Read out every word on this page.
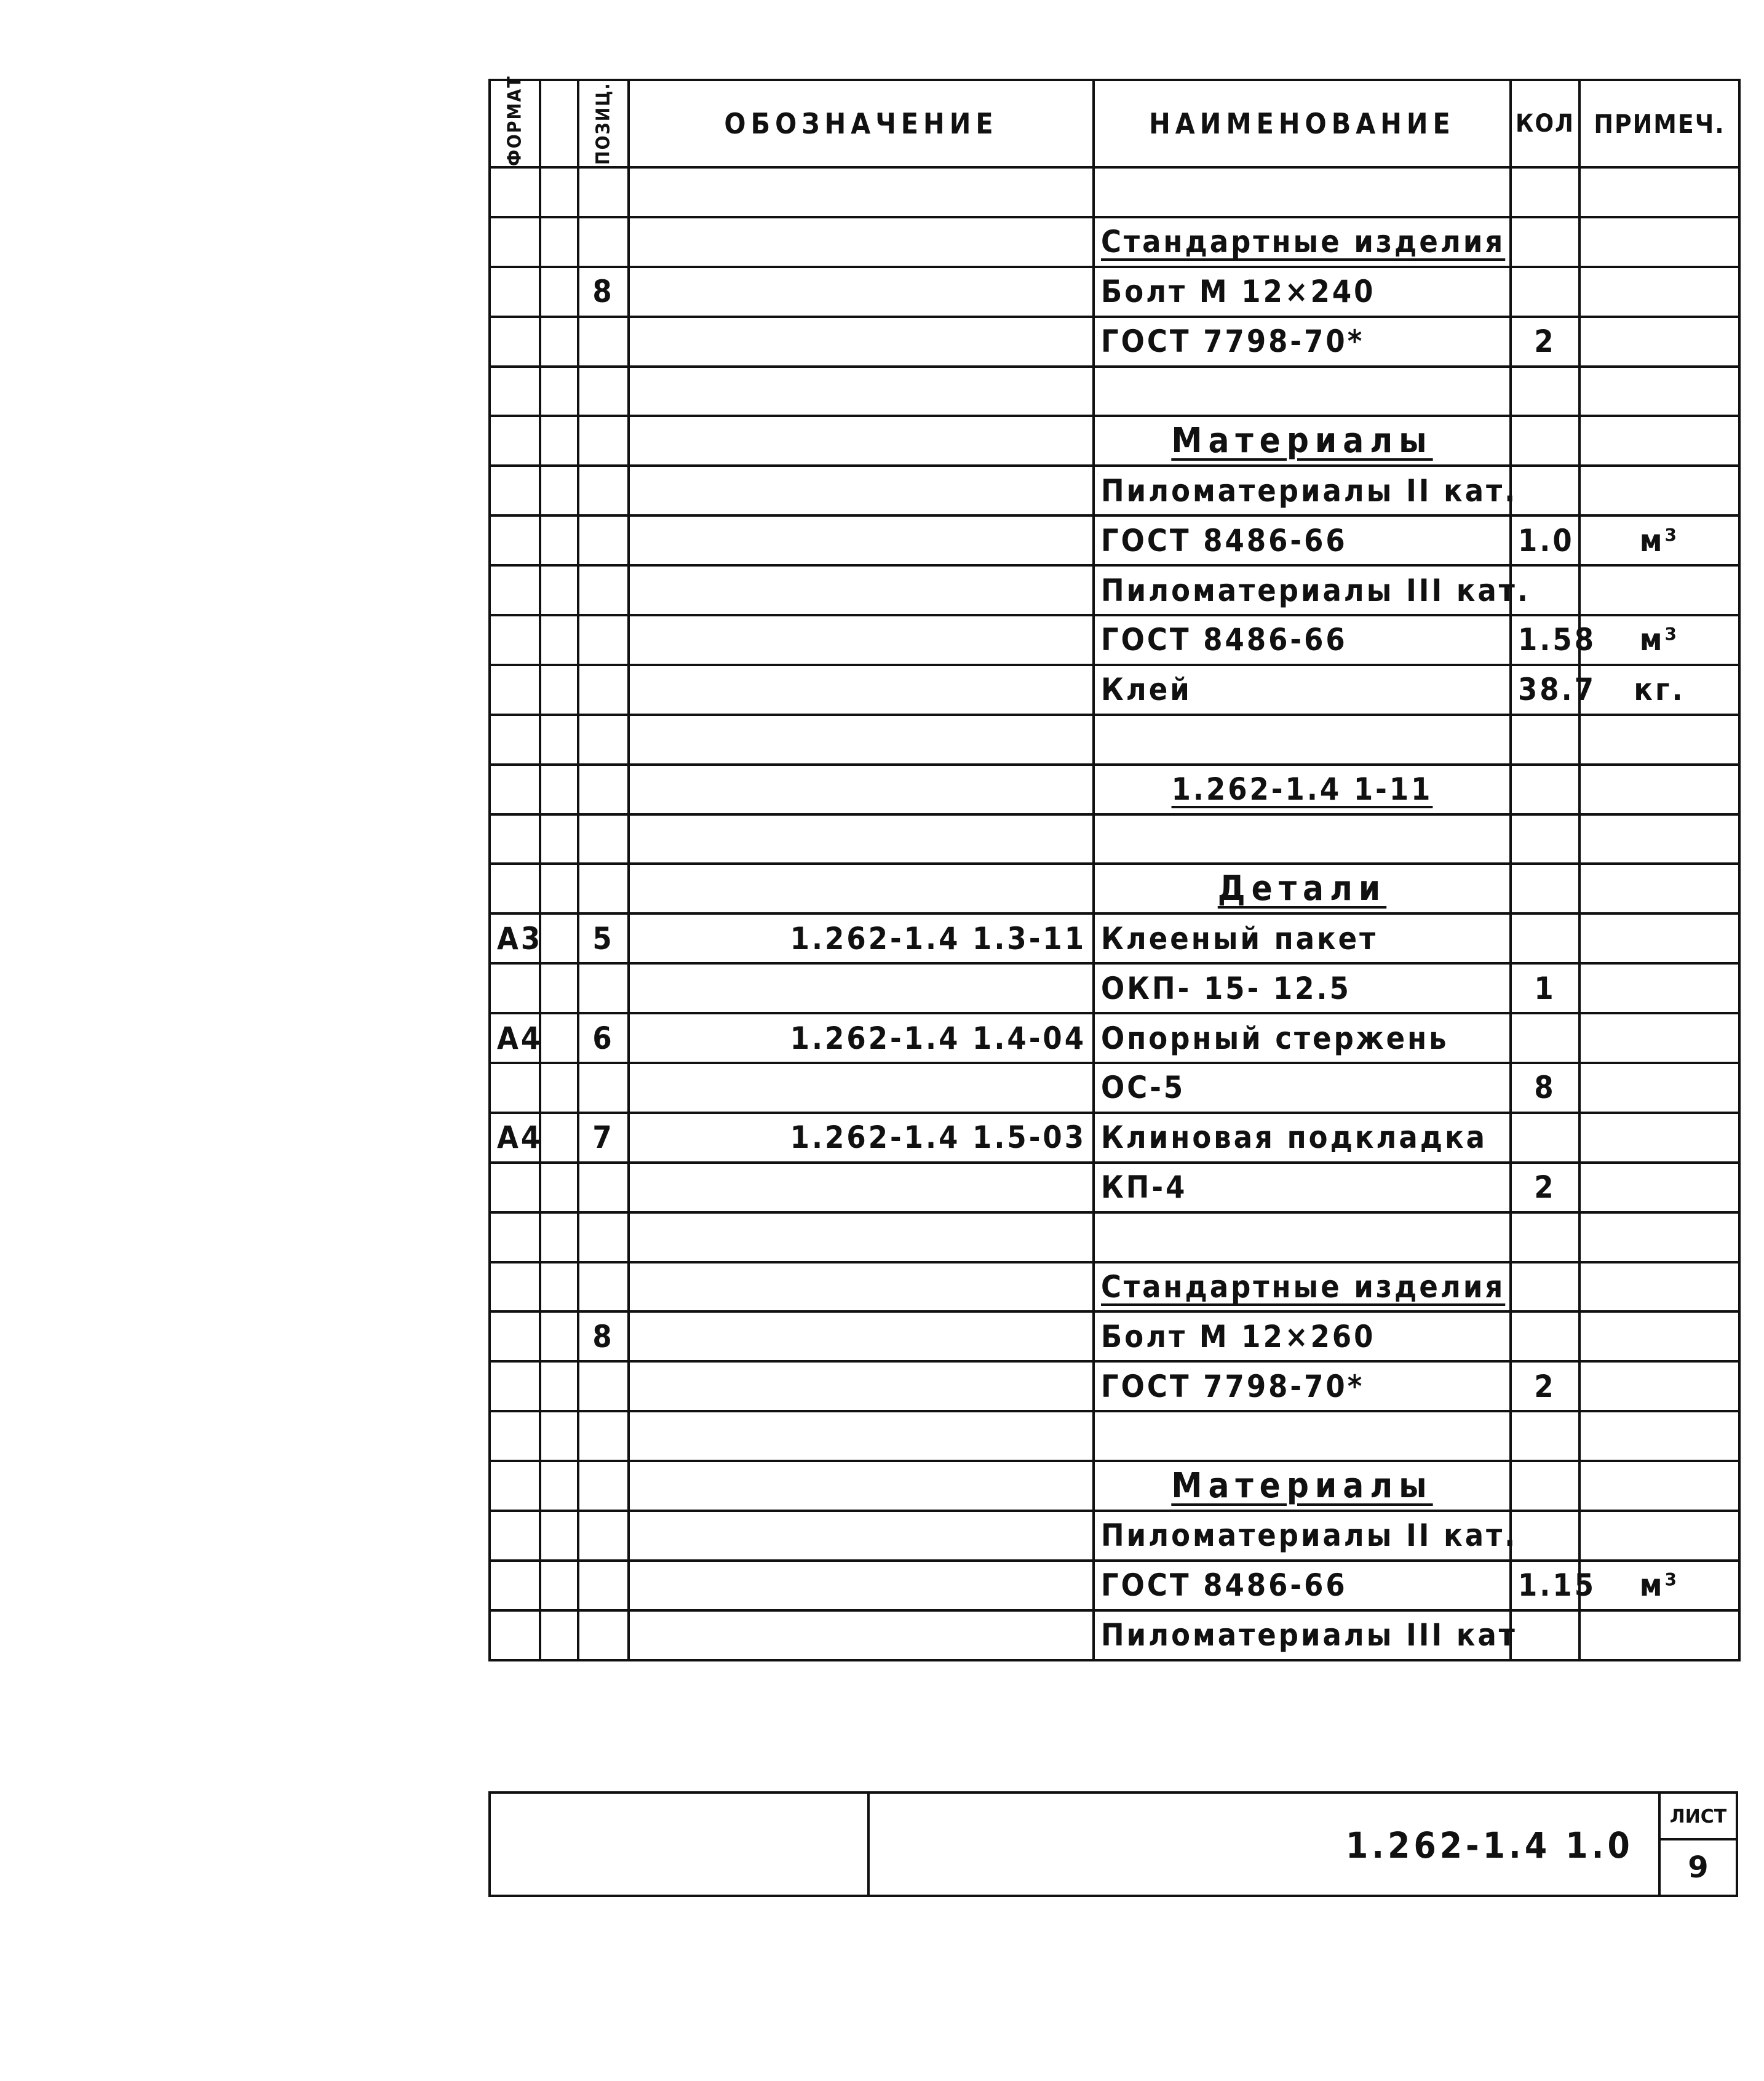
ФОРМАТ		ПОЗИЦ.	ОБОЗНАЧЕНИЕ	НАИМЕНОВАНИЕ	КОЛ	ПРИМЕЧ.

				Стандартные изделия		

		8		Болт М 12×240		
				ГОСТ 7798-70*	2	

				Материалы		

				Пиломатериалы II кат.		
				ГОСТ 8486-66	1.0	м³
				Пиломатериалы III кат.		
				ГОСТ 8486-66	1.58	м³
				Клей	38.7	кг.

				1.262-1.4 1-11		

				Детали		

А3		5	1.262-1.4 1.3-11	Клееный пакет		
				ОКП- 15- 12.5	1	
А4		6	1.262-1.4 1.4-04	Опорный стержень		
				ОС-5	8	
А4		7	1.262-1.4 1.5-03	Клиновая подкладка		
				КП-4	2	

				Стандартные изделия		

		8		Болт М 12×260		
				ГОСТ 7798-70*	2	

				Материалы		

				Пиломатериалы II кат.		
				ГОСТ 8486-66	1.15	м³
				Пиломатериалы III кат		
1.262-1.4 1.0
ЛИСТ
9
